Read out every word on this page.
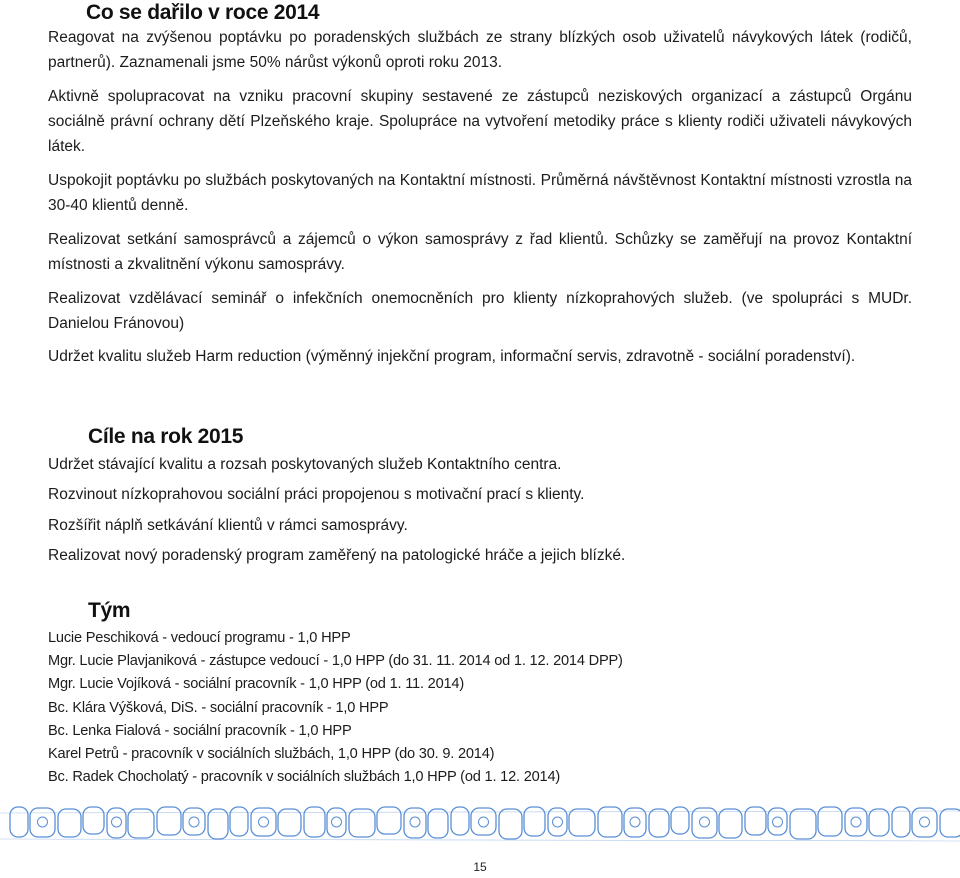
Co se dařilo v roce 2014

Reagovat na zvýšenou poptávku po poradenských službách ze strany blízkých osob uživatelů návykových látek (rodičů, partnerů). Zaznamenali jsme 50% nárůst výkonů oproti roku 2013.

Aktivně spolupracovat na vzniku pracovní skupiny sestavené ze zástupců neziskových organizací a zástupců Orgánu sociálně právní ochrany dětí Plzeňského kraje. Spolupráce na vytvoření metodiky práce s klienty rodiči uživateli návykových látek.

Uspokojit poptávku po službách poskytovaných na Kontaktní místnosti. Průměrná návštěvnost Kontaktní místnosti vzrostla na 30-40 klientů denně.

Realizovat setkání samosprávců a zájemců o výkon samosprávy z řad klientů. Schůzky se zaměřují na provoz Kontaktní místnosti a zkvalitnění výkonu samosprávy.

Realizovat vzdělávací seminář o infekčních onemocněních pro klienty nízkoprahových služeb. (ve spolupráci s MUDr. Danielou Fránovou)

Udržet kvalitu služeb Harm reduction (výměnný injekční program, informační servis, zdravotně - sociální poradenství).

Cíle na rok 2015

Udržet stávající kvalitu a rozsah poskytovaných služeb Kontaktního centra.

Rozvinout nízkoprahovou sociální práci propojenou s motivační prací s klienty.

Rozšířit náplň setkávání klientů v rámci samosprávy.

Realizovat nový poradenský program zaměřený na patologické hráče a jejich blízké.

Tým
Lucie Peschiková - vedoucí programu - 1,0 HPP
Mgr. Lucie Plavjaniková - zástupce vedoucí - 1,0 HPP (do 31. 11. 2014 od 1. 12. 2014 DPP)
Mgr. Lucie Vojíková - sociální pracovník - 1,0 HPP (od 1. 11. 2014)
Bc. Klára Výšková, DiS. - sociální pracovník - 1,0 HPP
Bc. Lenka Fialová - sociální pracovník - 1,0 HPP
Karel Petrů - pracovník v sociálních službách, 1,0 HPP (do 30. 9. 2014)
Bc. Radek Chocholatý - pracovník v sociálních službách 1,0 HPP (od 1. 12. 2014)
15
